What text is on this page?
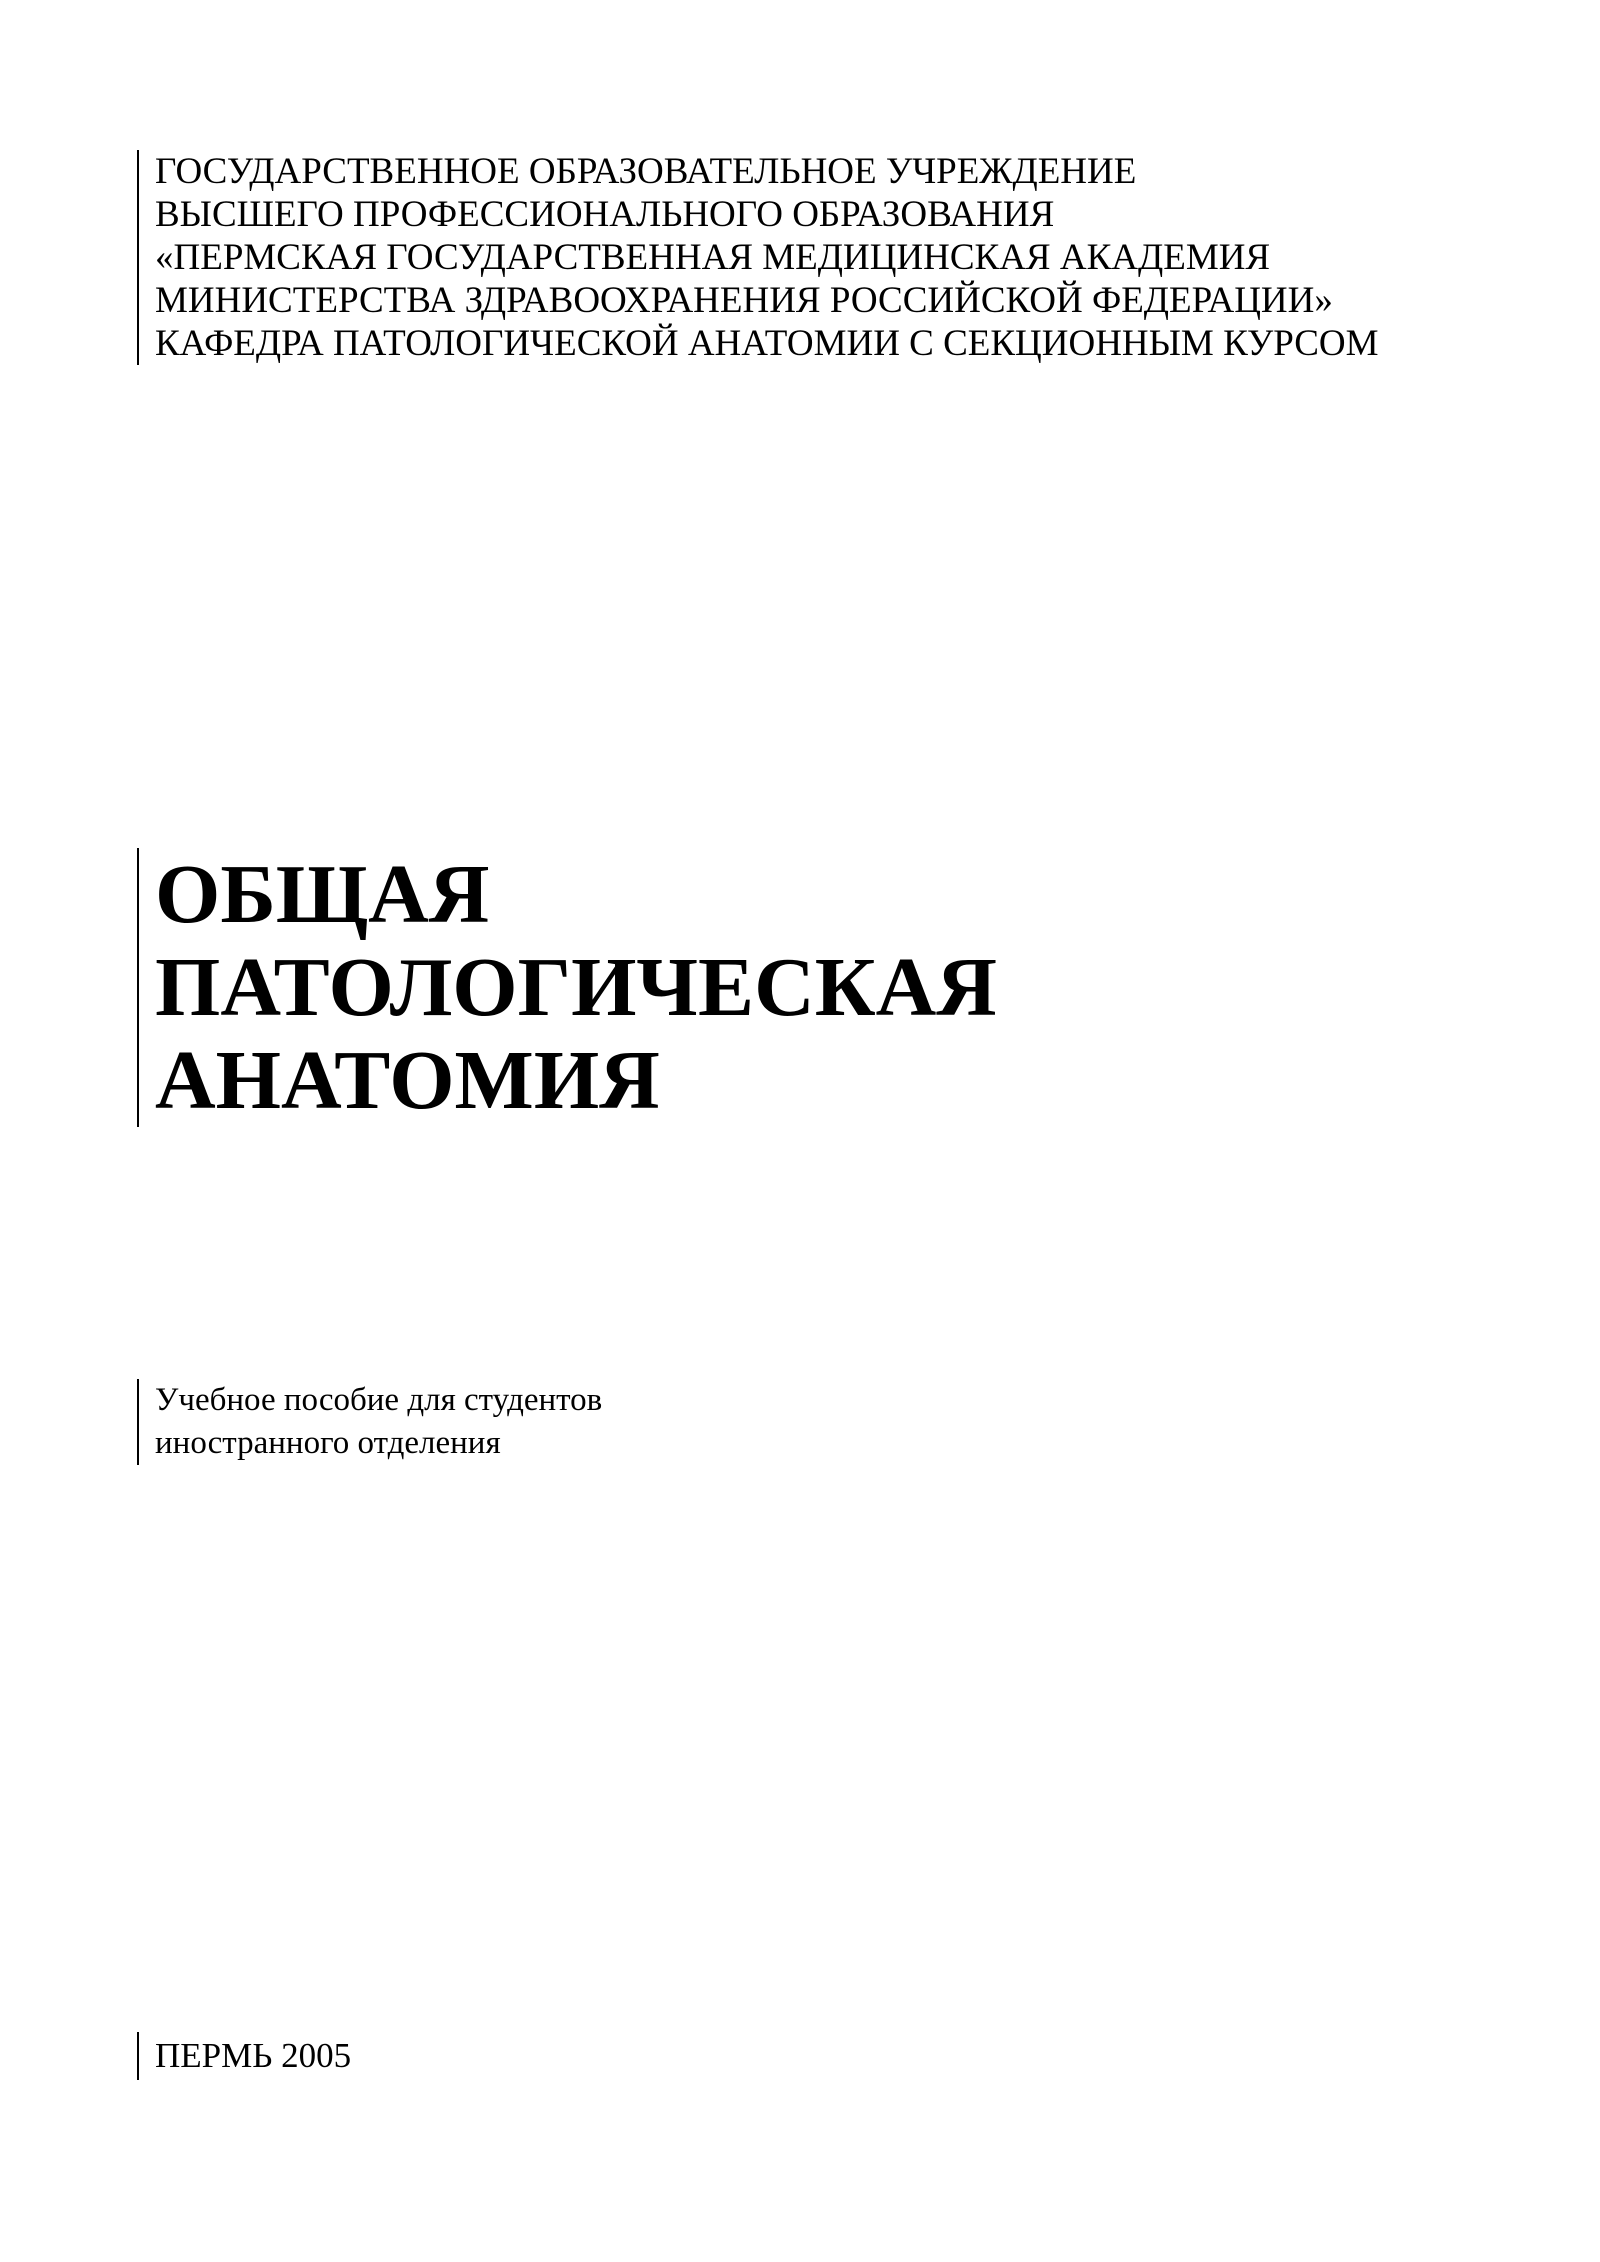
ГОСУДАРСТВЕННОЕ ОБРАЗОВАТЕЛЬНОЕ УЧРЕЖДЕНИЕ
ВЫСШЕГО ПРОФЕССИОНАЛЬНОГО ОБРАЗОВАНИЯ
«ПЕРМСКАЯ ГОСУДАРСТВЕННАЯ МЕДИЦИНСКАЯ АКАДЕМИЯ
МИНИСТЕРСТВА ЗДРАВООХРАНЕНИЯ РОССИЙСКОЙ ФЕДЕРАЦИИ»
КАФЕДРА ПАТОЛОГИЧЕСКОЙ АНАТОМИИ С СЕКЦИОННЫМ КУРСОМ
ОБЩАЯ
ПАТОЛОГИЧЕСКАЯ
АНАТОМИЯ
Учебное пособие для студентов
иностранного отделения
ПЕРМЬ 2005
